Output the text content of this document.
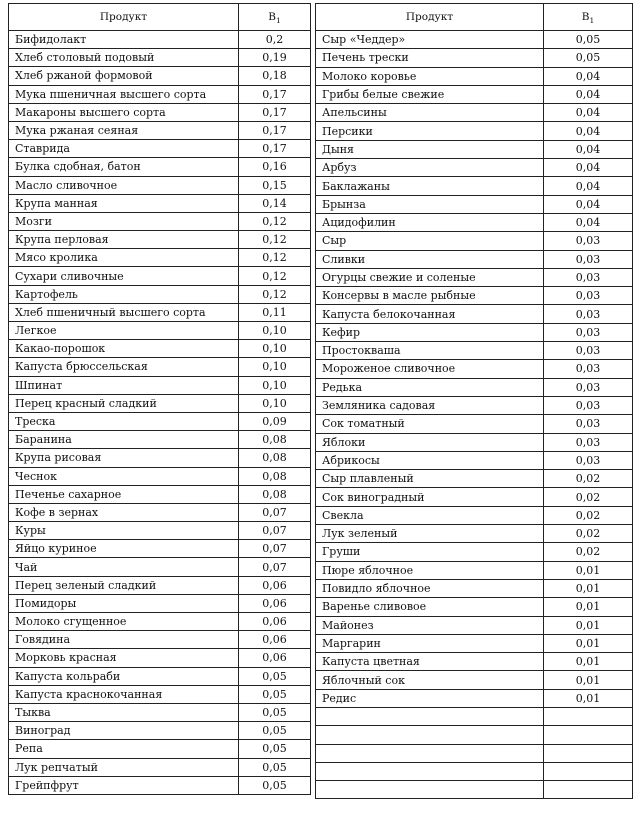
Продукт	$B_1$
Бифидолакт	0,2
Хлеб столовый подовый	0,19
Хлеб ржаной формовой	0,18
Мука пшеничная высшего сорта	0,17
Макароны высшего сорта	0,17
Мука ржаная сеяная	0,17
Ставрида	0,17
Булка сдобная, батон	0,16
Масло сливочное	0,15
Крупа манная	0,14
Мозги	0,12
Крупа перловая	0,12
Мясо кролика	0,12
Сухари сливочные	0,12
Картофель	0,12
Хлеб пшеничный высшего сорта	0,11
Легкое	0,10
Какао-порошок	0,10
Капуста брюссельская	0,10
Шпинат	0,10
Перец красный сладкий	0,10
Треска	0,09
Баранина	0,08
Крупа рисовая	0,08
Чеснок	0,08
Печенье сахарное	0,08
Кофе в зернах	0,07
Куры	0,07
Яйцо куриное	0,07
Чай	0,07
Перец зеленый сладкий	0,06
Помидоры	0,06
Молоко сгущенное	0,06
Говядина	0,06
Морковь красная	0,06
Капуста кольраби	0,05
Капуста краснокочанная	0,05
Тыква	0,05
Виноград	0,05
Репа	0,05
Лук репчатый	0,05
Грейпфрут	0,05
Продукт	$B_1$
Сыр «Чеддер»	0,05
Печень трески	0,05
Молоко коровье	0,04
Грибы белые свежие	0,04
Апельсины	0,04
Персики	0,04
Дыня	0,04
Арбуз	0,04
Баклажаны	0,04
Брынза	0,04
Ацидофилин	0,04
Сыр	0,03
Сливки	0,03
Огурцы свежие и соленые	0,03
Консервы в масле рыбные	0,03
Капуста белокочанная	0,03
Кефир	0,03
Простокваша	0,03
Мороженое сливочное	0,03
Редька	0,03
Земляника садовая	0,03
Сок томатный	0,03
Яблоки	0,03
Абрикосы	0,03
Сыр плавленый	0,02
Сок виноградный	0,02
Свекла	0,02
Лук зеленый	0,02
Груши	0,02
Пюре яблочное	0,01
Повидло яблочное	0,01
Варенье сливовое	0,01
Майонез	0,01
Маргарин	0,01
Капуста цветная	0,01
Яблочный сок	0,01
Редис	0,01
